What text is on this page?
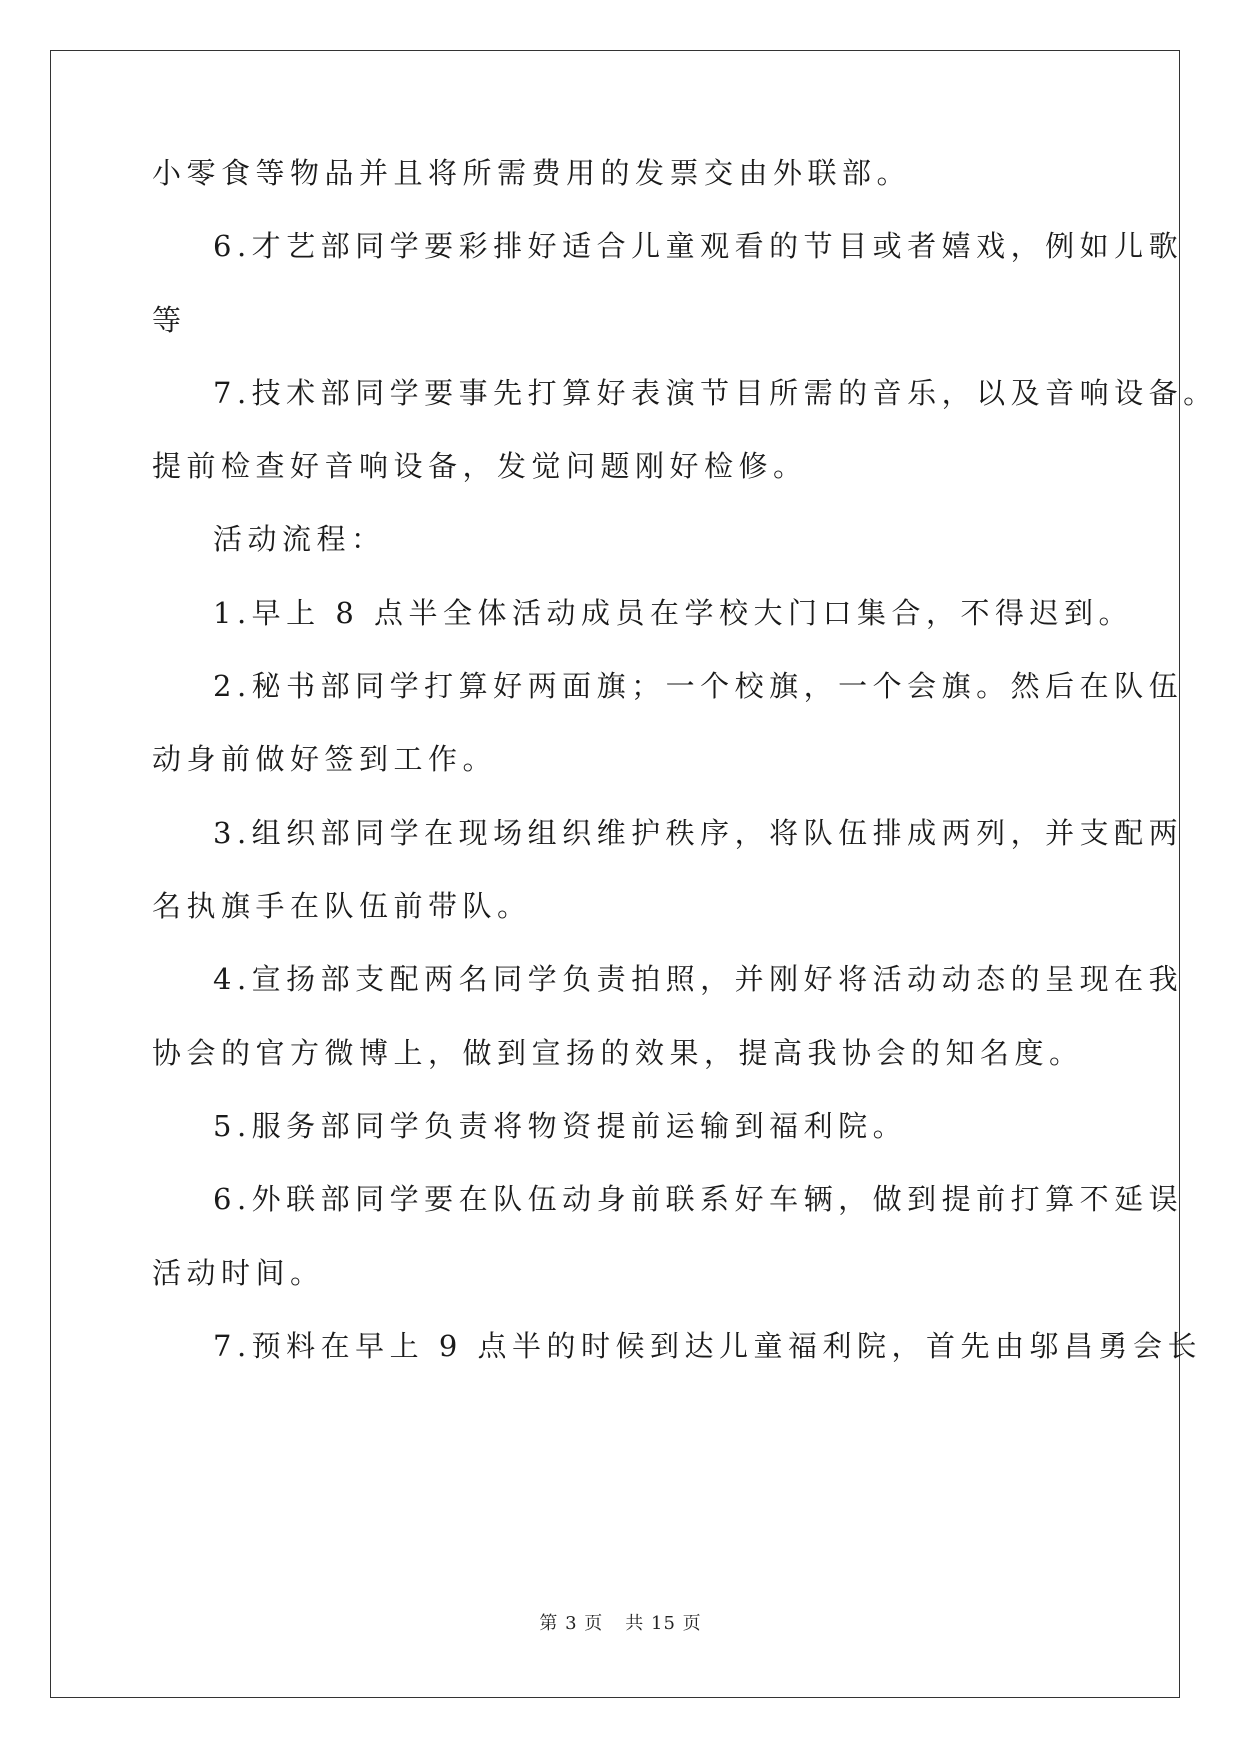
小零食等物品并且将所需费用的发票交由外联部。
6.才艺部同学要彩排好适合儿童观看的节目或者嬉戏，例如儿歌
等
7.技术部同学要事先打算好表演节目所需的音乐，以及音响设备。
提前检查好音响设备，发觉问题刚好检修。
活动流程：
1.早上 8 点半全体活动成员在学校大门口集合，不得迟到。
2.秘书部同学打算好两面旗；一个校旗，一个会旗。然后在队伍
动身前做好签到工作。
3.组织部同学在现场组织维护秩序，将队伍排成两列，并支配两
名执旗手在队伍前带队。
4.宣扬部支配两名同学负责拍照，并刚好将活动动态的呈现在我
协会的官方微博上，做到宣扬的效果，提高我协会的知名度。
5.服务部同学负责将物资提前运输到福利院。
6.外联部同学要在队伍动身前联系好车辆，做到提前打算不延误
活动时间。
7.预料在早上 9 点半的时候到达儿童福利院，首先由邬昌勇会长
第 3 页 共 15 页
